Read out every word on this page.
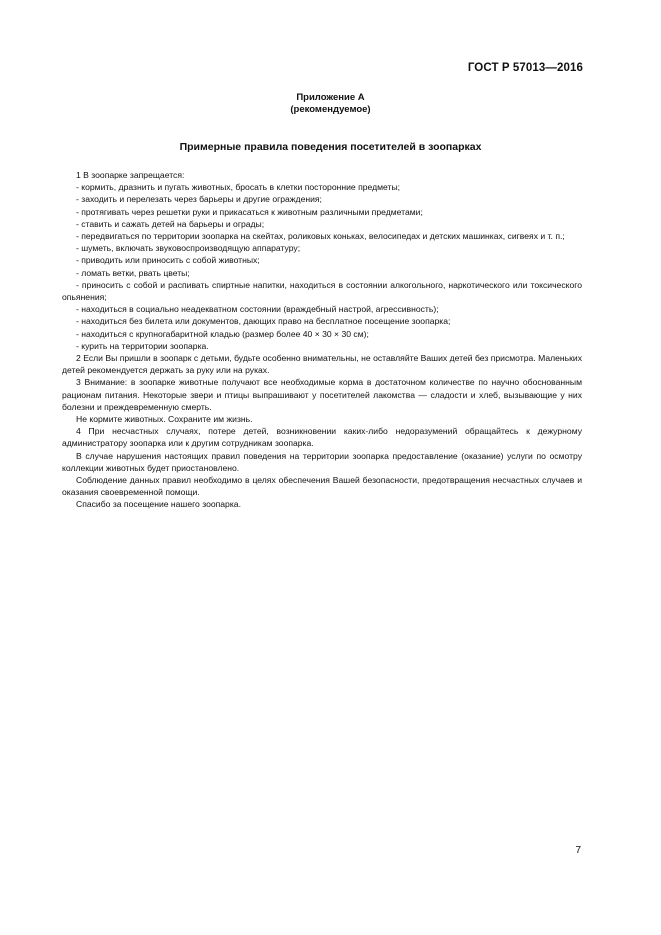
ГОСТ Р 57013—2016
Приложение А
(рекомендуемое)
Примерные правила поведения посетителей в зоопарках

1 В зоопарке запрещается:

- кормить, дразнить и пугать животных, бросать в клетки посторонние предметы;

- заходить и перелезать через барьеры и другие ограждения;

- протягивать через решетки руки и прикасаться к животным различными предметами;

- ставить и сажать детей на барьеры и ограды;

- передвигаться по территории зоопарка на скейтах, роликовых коньках, велосипедах и детских машинках, сигвеях и т. п.;

- шуметь, включать звуковоспроизводящую аппаратуру;

- приводить или приносить с собой животных;

- ломать ветки, рвать цветы;

- приносить с собой и распивать спиртные напитки, находиться в состоянии алкогольного, наркотического или токсического опьянения;

- находиться в социально неадекватном состоянии (враждебный настрой, агрессивность);

- находиться без билета или документов, дающих право на бесплатное посещение зоопарка;

- находиться с крупногабаритной кладью (размер более 40 × 30 × 30 см);

- курить на территории зоопарка.

2 Если Вы пришли в зоопарк с детьми, будьте особенно внимательны, не оставляйте Ваших детей без присмотра. Маленьких детей рекомендуется держать за руку или на руках.

3 Внимание: в зоопарке животные получают все необходимые корма в достаточном количестве по научно обоснованным рационам питания. Некоторые звери и птицы выпрашивают у посетителей лакомства — сладости и хлеб, вызывающие у них болезни и преждевременную смерть.

Не кормите животных. Сохраните им жизнь.

4 При несчастных случаях, потере детей, возникновении каких-либо недоразумений обращайтесь к дежурному администратору зоопарка или к другим сотрудникам зоопарка.

В случае нарушения настоящих правил поведения на территории зоопарка предоставление (оказание) услуги по осмотру коллекции животных будет приостановлено.

Соблюдение данных правил необходимо в целях обеспечения Вашей безопасности, предотвращения несчастных случаев и оказания своевременной помощи.

Спасибо за посещение нашего зоопарка.

7
